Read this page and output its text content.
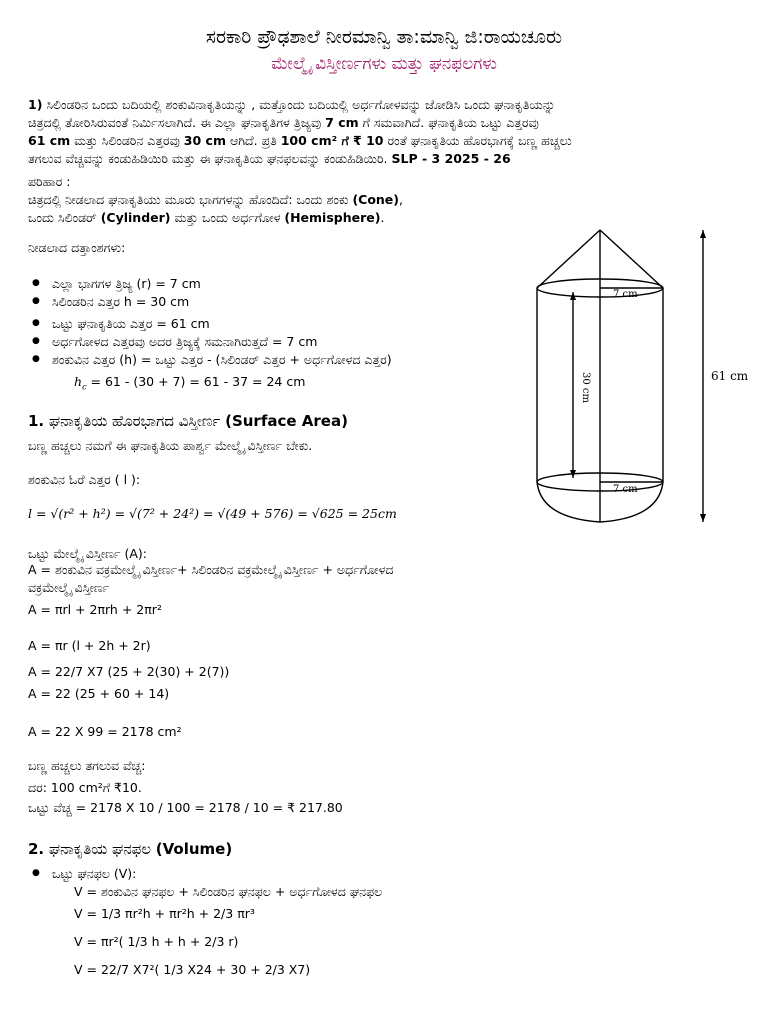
ಸರಕಾರಿ ಪ್ರೌಢಶಾಲೆ ನೀರಮಾನ್ವಿ ತಾ:ಮಾನ್ವಿ ಜಿ:ರಾಯಚೂರು
ಮೇಲ್ಮೈ ವಿಸ್ತೀರ್ಣಗಳು ಮತ್ತು ಘನಫಲಗಳು
1) ಸಿಲಿಂಡರಿನ ಒಂದು ಬದಿಯಲ್ಲಿ ಶಂಕುವಿನಾಕೃತಿಯನ್ನು , ಮತ್ತೊಂದು ಬದಿಯಲ್ಲಿ ಅರ್ಧಗೋಳವನ್ನು ಜೋಡಿಸಿ ಒಂದು ಘನಾಕೃತಿಯನ್ನು
ಚಿತ್ರದಲ್ಲಿ ತೋರಿಸಿರುವಂತೆ ನಿರ್ಮಿಸಲಾಗಿದೆ. ಈ ಎಲ್ಲಾ ಘನಾಕೃತಿಗಳ ತ್ರಿಜ್ಯವು 7 cm ಗೆ ಸಮವಾಗಿದೆ. ಘನಾಕೃತಿಯ ಒಟ್ಟು ಎತ್ತರವು
61 cm ಮತ್ತು ಸಿಲಿಂಡರಿನ ಎತ್ತರವು 30 cm ಆಗಿದೆ. ಪ್ರತಿ 100 cm² ಗೆ ₹ 10 ರಂತೆ ಘನಾಕೃತಿಯ ಹೊರಭಾಗಕ್ಕೆ ಬಣ್ಣ ಹಚ್ಚಲು
ತಗಲುವ ವೆಚ್ಚವನ್ನು ಕಂಡುಹಿಡಿಯಿರಿ ಮತ್ತು ಈ ಘನಾಕೃತಿಯ ಘನಫಲವನ್ನು ಕಂಡುಹಿಡಿಯಿರಿ. SLP - 3 2025 - 26
ಪರಿಹಾರ :
ಚಿತ್ರದಲ್ಲಿ ನೀಡಲಾದ ಘನಾಕೃತಿಯು ಮೂರು ಭಾಗಗಳನ್ನು ಹೊಂದಿದೆ: ಒಂದು ಶಂಕು (Cone),
ಒಂದು ಸಿಲಿಂಡರ್ (Cylinder) ಮತ್ತು ಒಂದು ಅರ್ಧಗೋಳ (Hemisphere).
ನೀಡಲಾದ ದತ್ತಾಂಶಗಳು:
● ಎಲ್ಲಾ ಭಾಗಗಳ ತ್ರಿಜ್ಯ (r) = 7 cm
● ಸಿಲಿಂಡರಿನ ಎತ್ತರ h = 30 cm
● ಒಟ್ಟು ಘನಾಕೃತಿಯ ಎತ್ತರ = 61 cm
● ಅರ್ಧಗೋಳದ ಎತ್ತರವು ಅದರ ತ್ರಿಜ್ಯಕ್ಕೆ ಸಮನಾಗಿರುತ್ತದೆ = 7 cm
● ಶಂಕುವಿನ ಎತ್ತರ (h) = ಒಟ್ಟು ಎತ್ತರ - (ಸಿಲಿಂಡರ್ ಎತ್ತರ + ಅರ್ಧಗೋಳದ ಎತ್ತರ)
$h_c = 61 - (30 + 7) = 61 - 37 = 24$ cm
1. ಘನಾಕೃತಿಯ ಹೊರಭಾಗದ ವಿಸ್ತೀರ್ಣ (Surface Area)
ಬಣ್ಣ ಹಚ್ಚಲು ನಮಗೆ ಈ ಘನಾಕೃತಿಯ ಪಾರ್ಶ್ವ ಮೇಲ್ಮೈ ವಿಸ್ತೀರ್ಣ ಬೇಕು.
ಶಂಕುವಿನ ಓರೆ ಎತ್ತರ ( l ):
l = √(r² + h²) = √(7² + 24²) = √(49 + 576) = √625 = 25cm
ಒಟ್ಟು ಮೇಲ್ಮೈ ವಿಸ್ತೀರ್ಣ (A):
A = ಶಂಕುವಿನ ವಕ್ರಮೇಲ್ಮೈ ವಿಸ್ತೀರ್ಣ+ ಸಿಲಿಂಡರಿನ ವಕ್ರಮೇಲ್ಮೈ ವಿಸ್ತೀರ್ಣ + ಅರ್ಧಗೋಳದ
ವಕ್ರಮೇಲ್ಮೈ ವಿಸ್ತೀರ್ಣ
A = πrl + 2πrh + 2πr²
A = πr (l + 2h + 2r)
A = 22/7 X7 (25 + 2(30) + 2(7))
A = 22 (25 + 60 + 14)
A = 22 X 99 = 2178 cm²
ಬಣ್ಣ ಹಚ್ಚಲು ತಗಲುವ ವೆಚ್ಚ:
ದರ: 100 cm²ಗೆ ₹10.
ಒಟ್ಟು ವೆಚ್ಚ = 2178 X 10 / 100 = 2178 / 10 = ₹ 217.80
2. ಘನಾಕೃತಿಯ ಘನಫಲ (Volume)
● ಒಟ್ಟು ಘನಫಲ (V):
V = ಶಂಕುವಿನ ಘನಫಲ + ಸಿಲಿಂಡರಿನ ಘನಫಲ + ಅರ್ಧಗೋಳದ ಘನಫಲ
V = 1/3 πr²h + πr²h + 2/3 πr³
V = πr²( 1/3 h + h + 2/3 r)
V = 22/7 X7²( 1/3 X24 + 30 + 2/3 X7)
7 cm
7 cm
30 cm	61 cm
